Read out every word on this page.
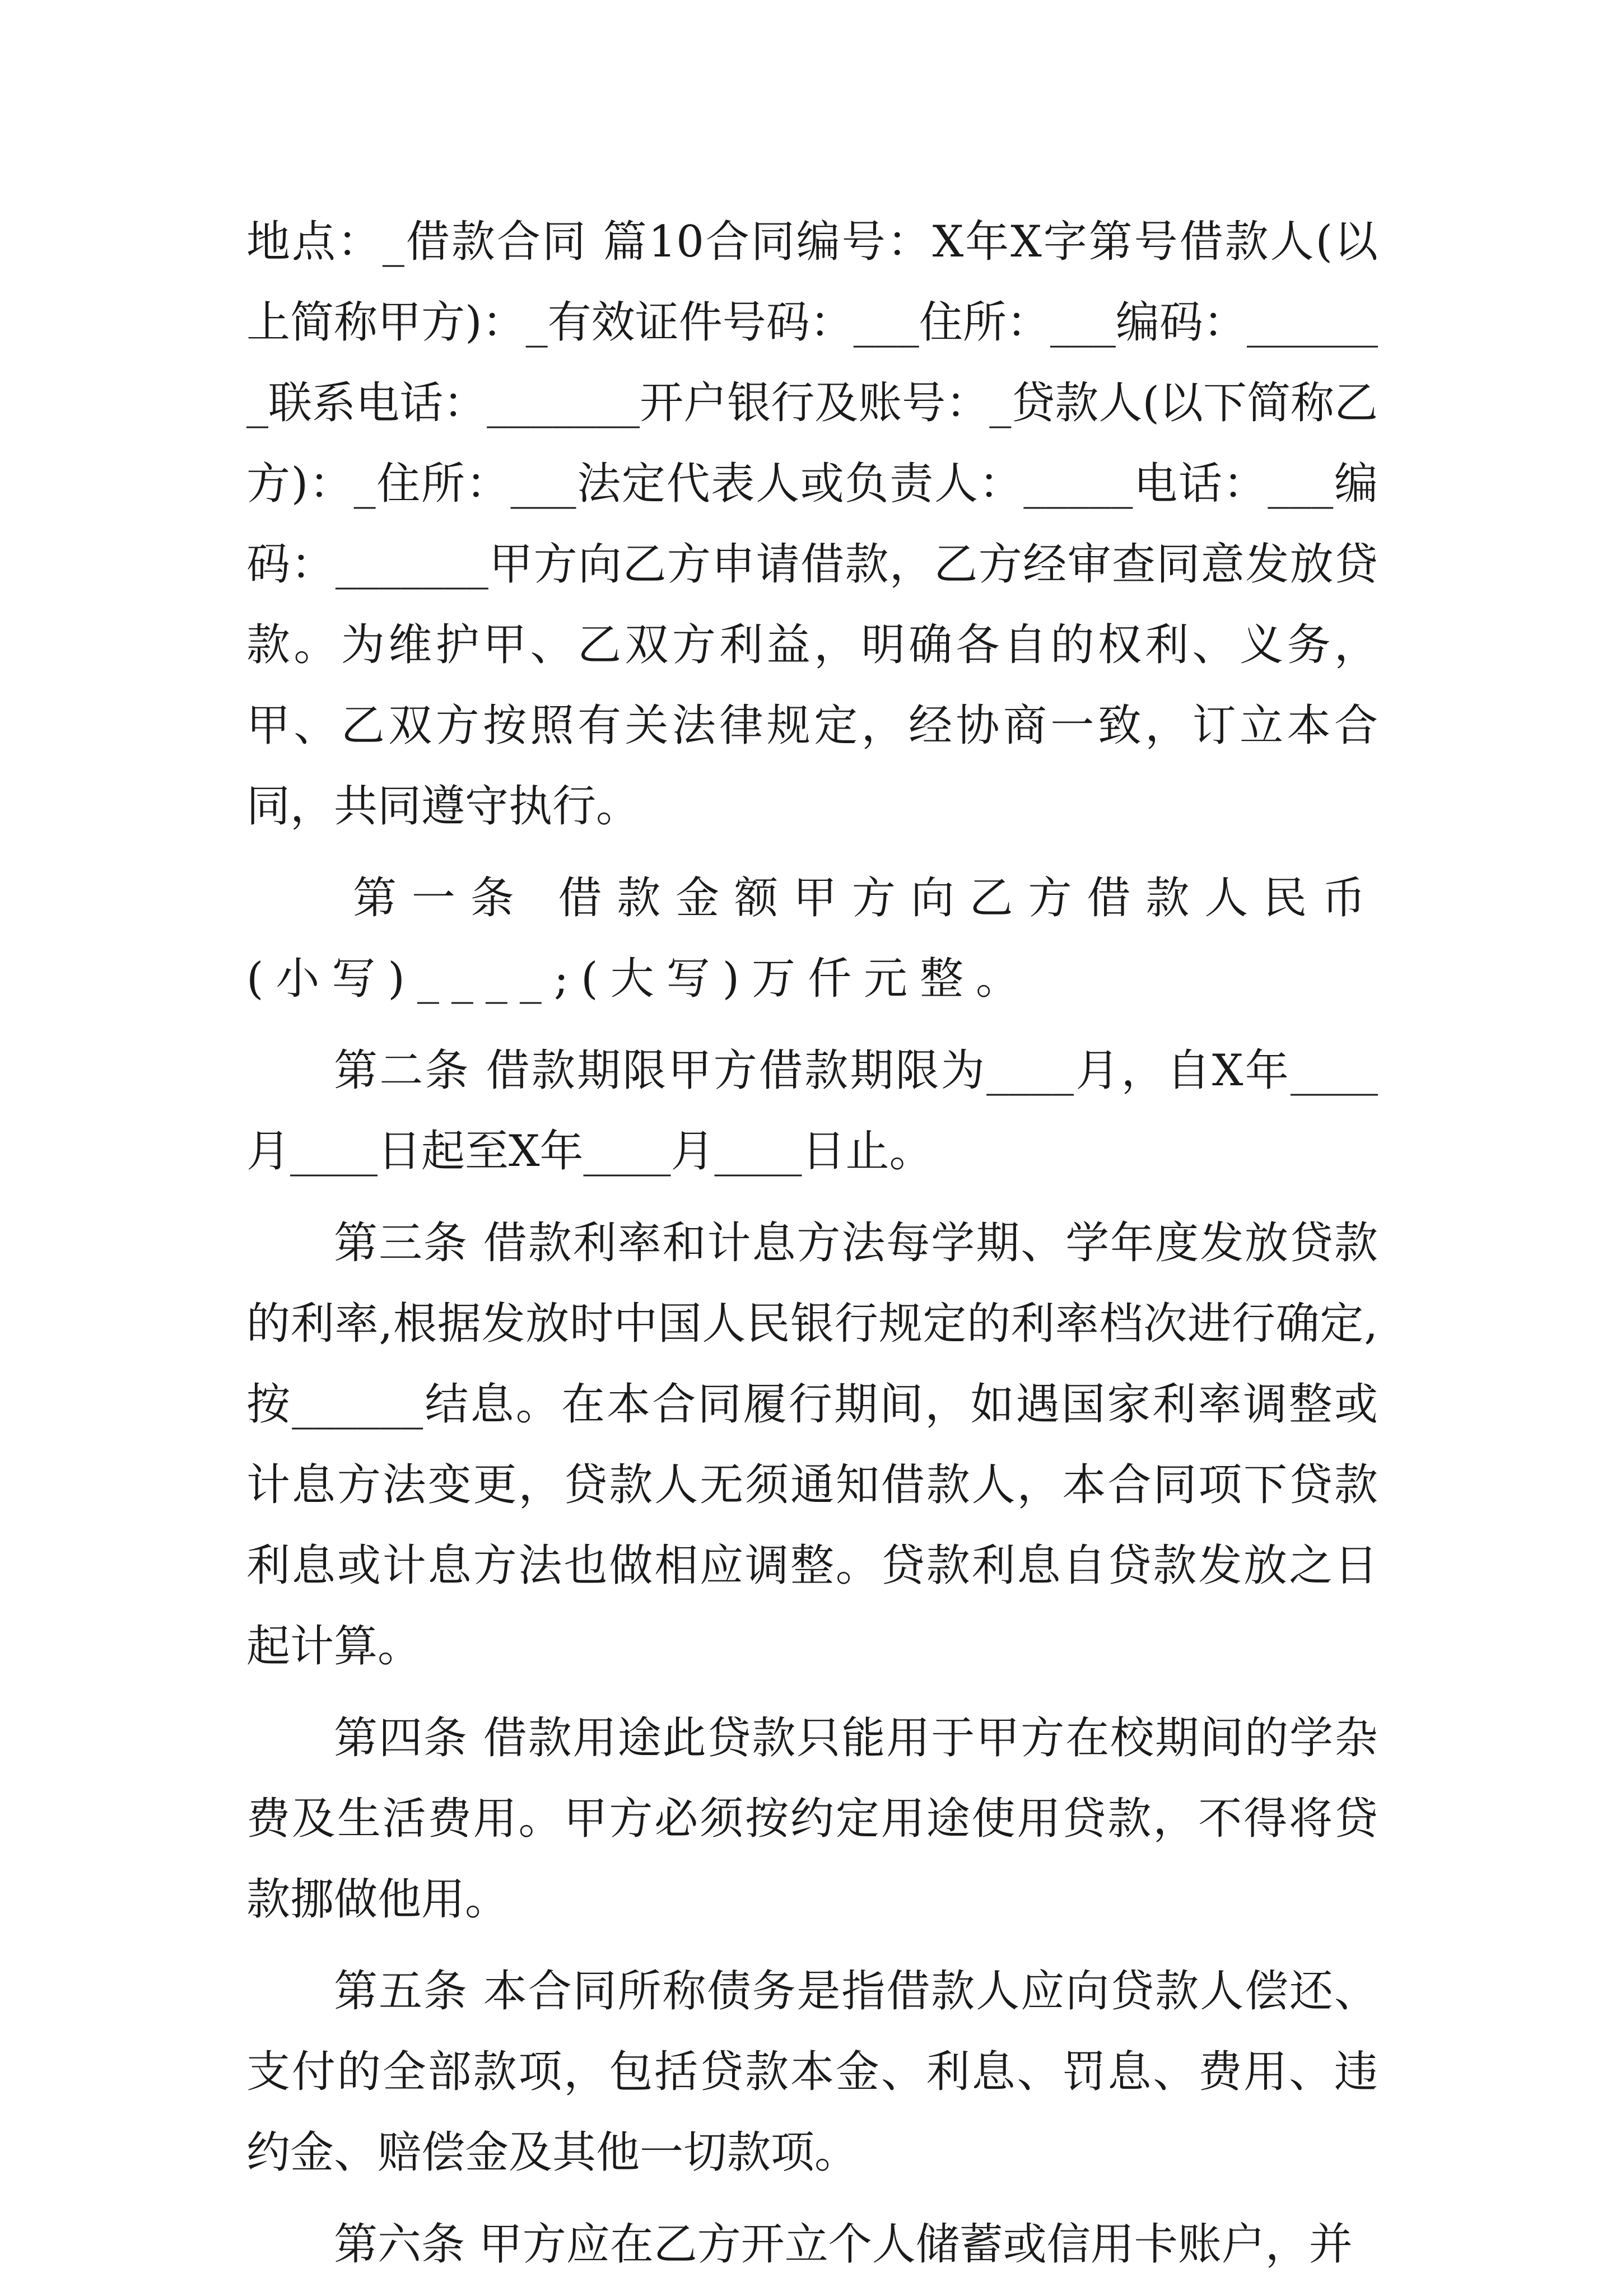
地点：_借款合同 篇10合同编号：X年X字第号借款人(以上简称甲方)：_有效证件号码：___住所：___编码：_______联系电话：_______开户银行及账号：_贷款人(以下简称乙方)：_住所：___法定代表人或负责人：_____电话：___编码：_______甲方向乙方申请借款，乙方经审查同意发放贷款。为维护甲、乙双方利益，明确各自的权利、义务，甲、乙双方按照有关法律规定，经协商一致，订立本合同，共同遵守执行。

第一条 借款金额甲方向乙方借款人民币(小写)____;(大写)万仟元整。

第二条 借款期限甲方借款期限为____月，自X年____月____日起至X年____月____日止。

第三条 借款利率和计息方法每学期、学年度发放贷款的利率,根据发放时中国人民银行规定的利率档次进行确定,按______结息。在本合同履行期间，如遇国家利率调整或计息方法变更，贷款人无须通知借款人，本合同项下贷款利息或计息方法也做相应调整。贷款利息自贷款发放之日起计算。

第四条 借款用途此贷款只能用于甲方在校期间的学杂费及生活费用。甲方必须按约定用途使用贷款，不得将贷款挪做他用。

第五条 本合同所称债务是指借款人应向贷款人偿还、支付的全部款项，包括贷款本金、利息、罚息、费用、违约金、赔偿金及其他一切款项。

第六条 甲方应在乙方开立个人储蓄或信用卡账户，并
